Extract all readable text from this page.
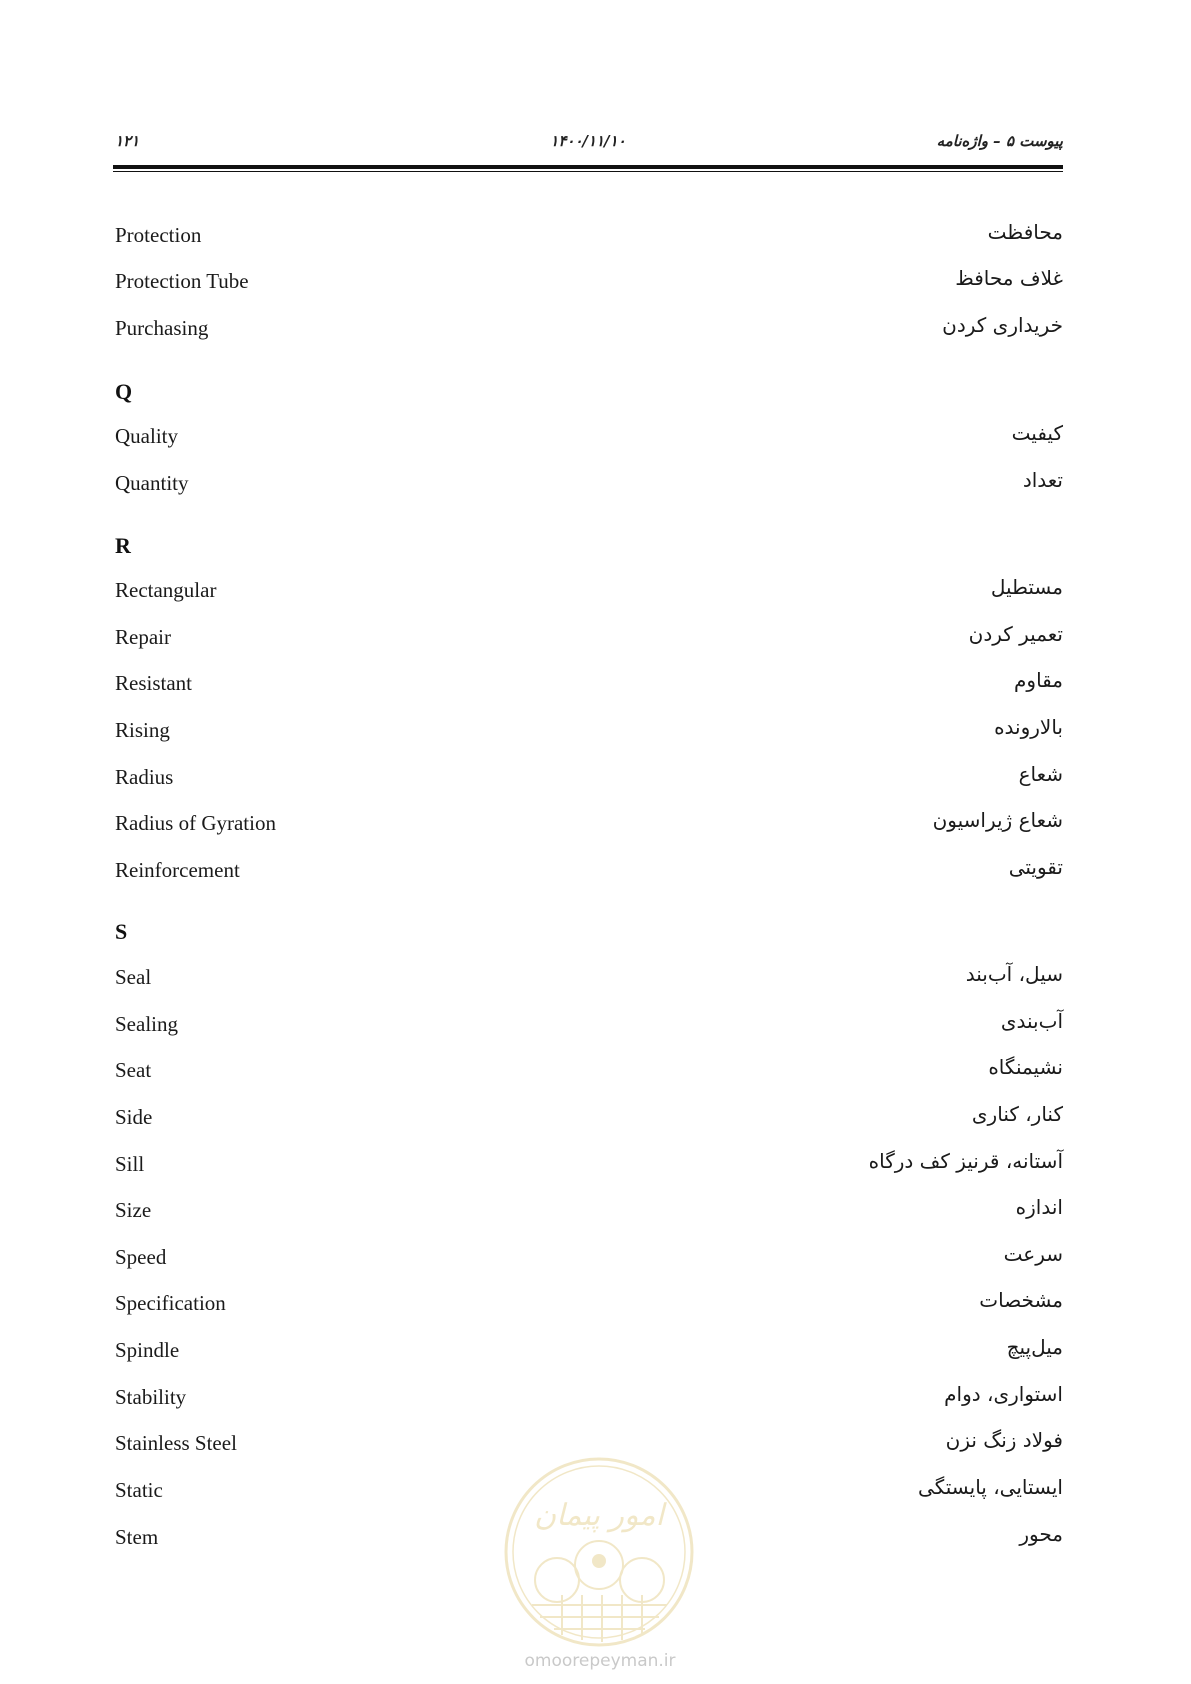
۱۲۱	۱۴۰۰/۱۱/۱۰	پیوست ۵ – واژه‌نامه
Protection	محافظت
Protection Tube	غلاف محافظ
Purchasing	خریداری کردن
Q
Quality	کیفیت
Quantity	تعداد
R
Rectangular	مستطیل
Repair	تعمیر کردن
Resistant	مقاوم
Rising	بالارونده
Radius	شعاع
Radius of Gyration	شعاع ژیراسیون
Reinforcement	تقویتی
S
Seal	سیل، آب‌بند
Sealing	آب‌بندی
Seat	نشیمنگاه
Side	کنار، کناری
Sill	آستانه، قرنیز کف درگاه
Size	اندازه
Speed	سرعت
Specification	مشخصات
Spindle	میل‌پیچ
Stability	استواری، دوام
Stainless Steel	فولاد زنگ نزن
Static	ایستایی، پایستگی
Stem	محور
امور پیمان
omoorepeyman.ir
